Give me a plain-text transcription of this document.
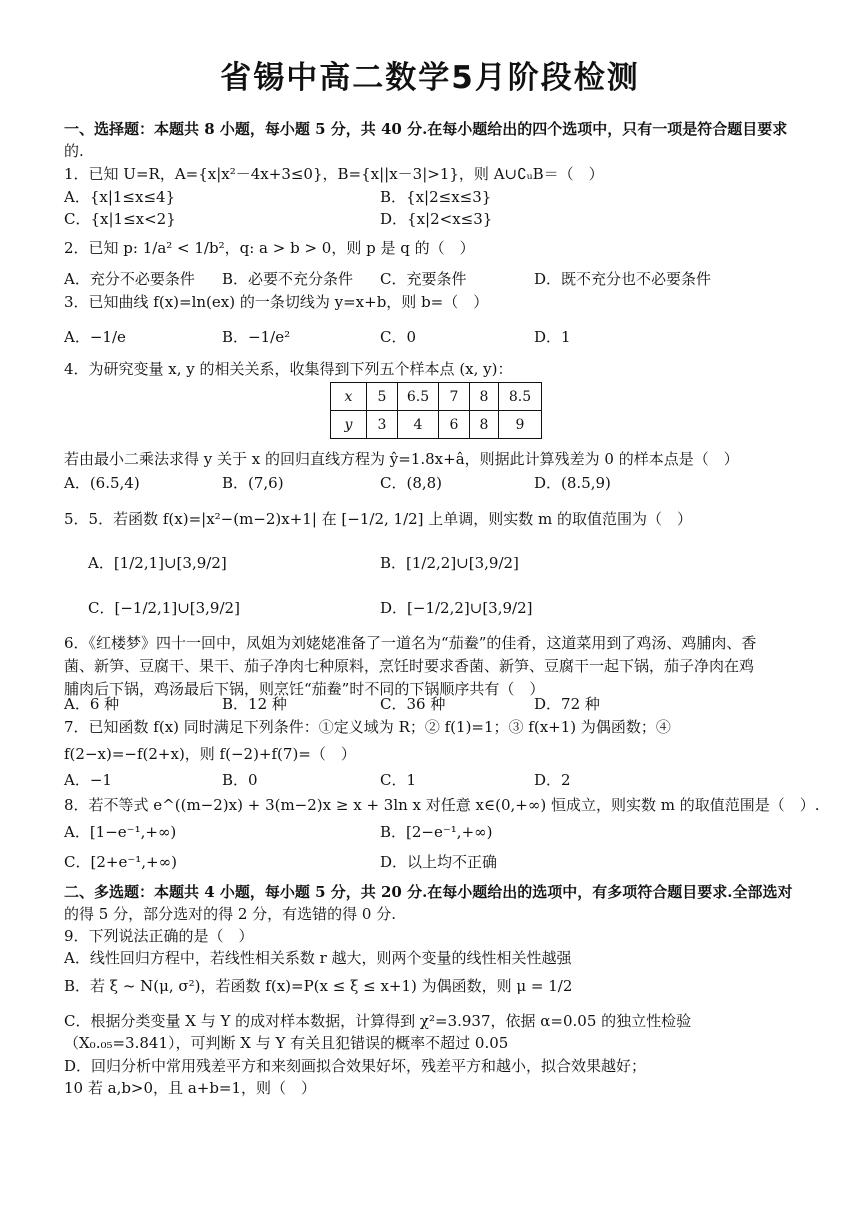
省锡中高二数学5月阶段检测
一、选择题：本题共 8 小题，每小题 5 分，共 40 分.在每小题给出的四个选项中，只有一项是符合题目要求
的.
1．已知 U=R，A={x|x²－4x+3≤0}，B={x||x－3|>1}，则 A∪∁ᵤB＝（　）
A．{x|1≤x≤4}	B．{x|2≤x≤3}
C．{x|1≤x<2}	D．{x|2<x≤3}
2．已知 p: 1/a² < 1/b²，q: a > b > 0，则 p 是 q 的（　）
A．充分不必要条件 B．必要不充分条件 C．充要条件	D．既不充分也不必要条件
3．已知曲线 f(x)=ln(ex) 的一条切线为 y=x+b，则 b=（　）
A．−1/e	B．−1/e²	C．0	D．1
4．为研究变量 x, y 的相关关系，收集得到下列五个样本点 (x, y)：
x	5	6.5	7	8	8.5
y	3	4	6	8	9
若由最小二乘法求得 y 关于 x 的回归直线方程为 ŷ=1.8x+â，则据此计算残差为 0 的样本点是（　）
A．(6.5,4)	B．(7,6)	C．(8,8)	D．(8.5,9)
5．5．若函数 f(x)=|x²−(m−2)x+1| 在 [−1/2, 1/2] 上单调，则实数 m 的取值范围为（　）
A．[1/2,1]∪[3,9/2]	B．[1/2,2]∪[3,9/2]
C．[−1/2,1]∪[3,9/2]	D．[−1/2,2]∪[3,9/2]
6．《红楼梦》四十一回中，凤姐为刘姥姥准备了一道名为“茄鲞”的佳肴，这道菜用到了鸡汤、鸡脯肉、香
菌、新笋、豆腐干、果干、茄子净肉七种原料，烹饪时要求香菌、新笋、豆腐干一起下锅，茄子净肉在鸡
脯肉后下锅，鸡汤最后下锅，则烹饪“茄鲞”时不同的下锅顺序共有（　）
A．6 种	B．12 种	C．36 种	D．72 种
7．已知函数 f(x) 同时满足下列条件：①定义域为 R；② f(1)=1；③ f(x+1) 为偶函数；④
f(2−x)=−f(2+x)，则 f(−2)+f(7)=（　）
A．−1	B．0	C．1	D．2
8．若不等式 e^((m−2)x) + 3(m−2)x ≥ x + 3ln x 对任意 x∈(0,+∞) 恒成立，则实数 m 的取值范围是（　）.
A．[1−e⁻¹,+∞)	B．[2−e⁻¹,+∞)
C．[2+e⁻¹,+∞)	D．以上均不正确
二、多选题：本题共 4 小题，每小题 5 分，共 20 分.在每小题给出的选项中，有多项符合题目要求.全部选对
的得 5 分，部分选对的得 2 分，有选错的得 0 分.
9．下列说法正确的是（　）
A．线性回归方程中，若线性相关系数 r 越大，则两个变量的线性相关性越强
B．若 ξ ~ N(μ, σ²)，若函数 f(x)=P(x ≤ ξ ≤ x+1) 为偶函数，则 μ = 1/2
C．根据分类变量 X 与 Y 的成对样本数据，计算得到 χ²=3.937，依据 α=0.05 的独立性检验
（X₀.₀₅=3.841），可判断 X 与 Y 有关且犯错误的概率不超过 0.05
D．回归分析中常用残差平方和来刻画拟合效果好坏，残差平方和越小，拟合效果越好；
10 若 a,b>0，且 a+b=1，则（　）
